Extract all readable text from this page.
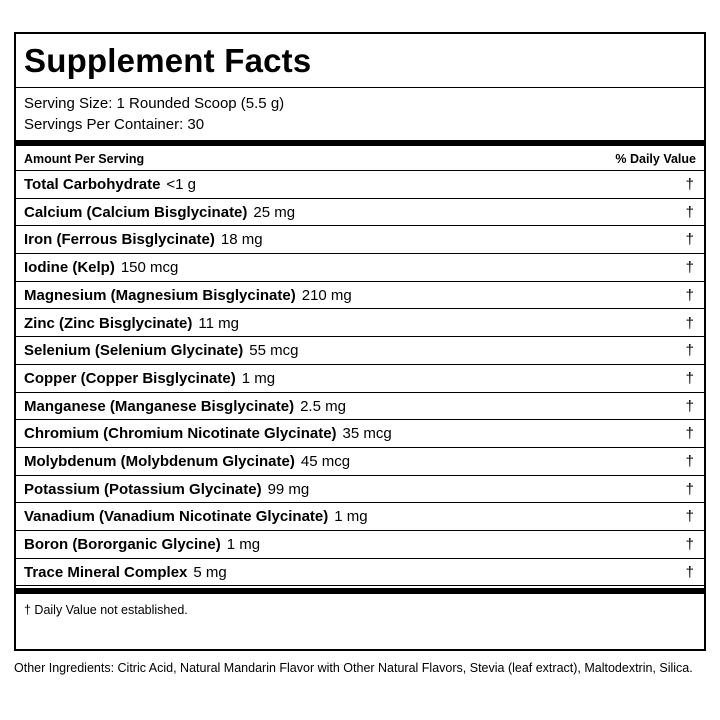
Supplement Facts
Serving Size: 1 Rounded Scoop (5.5 g)
Servings Per Container: 30
Amount Per Serving	% Daily Value
Total Carbohydrate <1 g	†
Calcium (Calcium Bisglycinate) 25 mg	†
Iron (Ferrous Bisglycinate) 18 mg	†
Iodine (Kelp) 150 mcg	†
Magnesium (Magnesium Bisglycinate) 210 mg	†
Zinc (Zinc Bisglycinate) 11 mg	†
Selenium (Selenium Glycinate) 55 mcg	†
Copper (Copper Bisglycinate) 1 mg	†
Manganese (Manganese Bisglycinate) 2.5 mg	†
Chromium (Chromium Nicotinate Glycinate) 35 mcg	†
Molybdenum (Molybdenum Glycinate) 45 mcg	†
Potassium (Potassium Glycinate) 99 mg	†
Vanadium (Vanadium Nicotinate Glycinate) 1 mg	†
Boron (Bororganic Glycine) 1 mg	†
Trace Mineral Complex 5 mg	†
† Daily Value not established.
Other Ingredients: Citric Acid, Natural Mandarin Flavor with Other Natural Flavors, Stevia (leaf extract), Maltodextrin, Silica.
